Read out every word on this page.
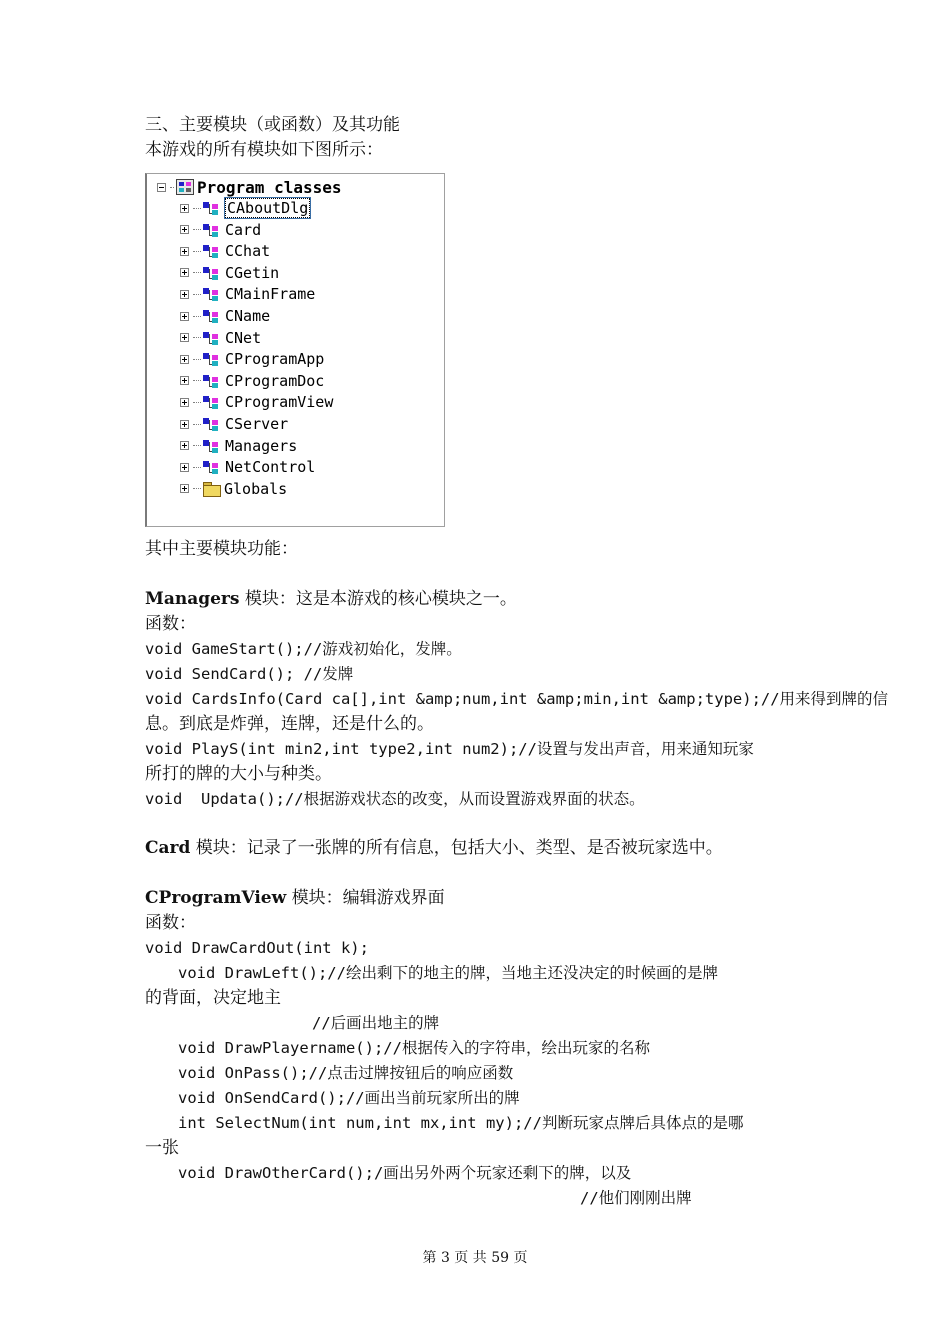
三、主要模块（或函数）及其功能
本游戏的所有模块如下图所示：
Program classes
CAboutDlg
Card
CChat
CGetin
CMainFrame
CName
CNet
CProgramApp
CProgramDoc
CProgramView
CServer
Managers
NetControl
Globals
其中主要模块功能：
Managers 模块：这是本游戏的核心模块之一。
函数：
void GameStart();//游戏初始化，发牌。
void SendCard(); //发牌
void CardsInfo(Card ca[],int &amp;num,int &amp;min,int &amp;type);//用来得到牌的信
息。到底是炸弹，连牌，还是什么的。
void PlayS(int min2,int type2,int num2);//设置与发出声音，用来通知玩家
所打的牌的大小与种类。
void  Updata();//根据游戏状态的改变，从而设置游戏界面的状态。
Card 模块：记录了一张牌的所有信息，包括大小、类型、是否被玩家选中。
CProgramView 模块：编辑游戏界面
函数：
void DrawCardOut(int k);
void DrawLeft();//绘出剩下的地主的牌，当地主还没决定的时候画的是牌
的背面，决定地主
//后画出地主的牌
void DrawPlayername();//根据传入的字符串，绘出玩家的名称
void OnPass();//点击过牌按钮后的响应函数
void OnSendCard();//画出当前玩家所出的牌
int SelectNum(int num,int mx,int my);//判断玩家点牌后具体点的是哪
一张
void DrawOtherCard();/画出另外两个玩家还剩下的牌，以及
//他们刚刚出牌
第 3 页 共 59 页
